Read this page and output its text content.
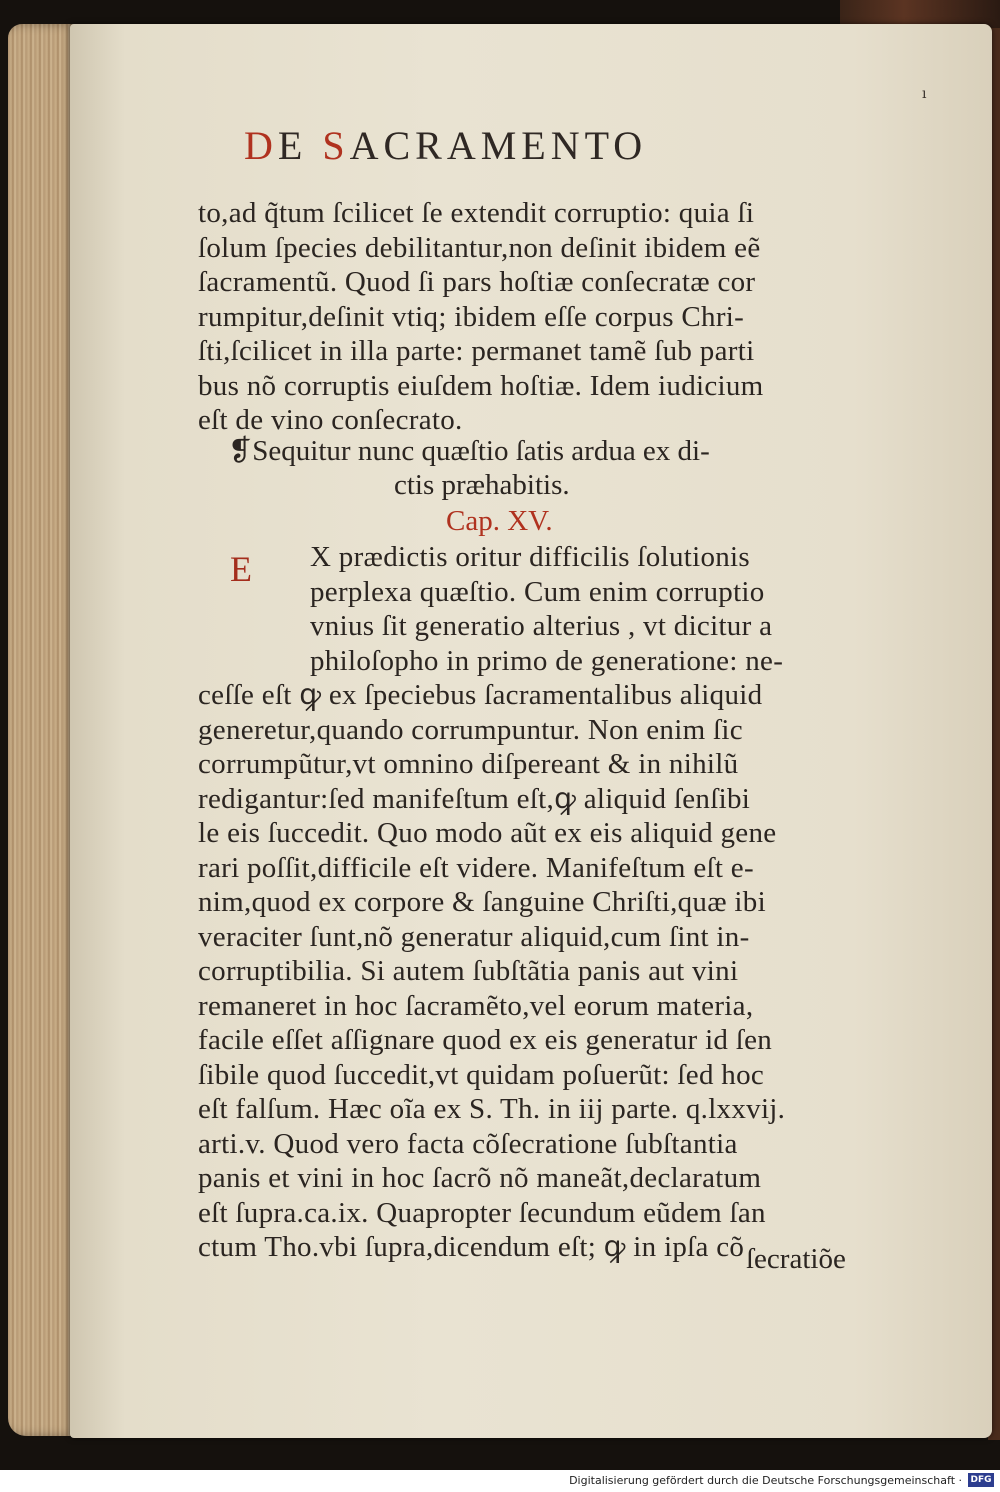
ı
DE SACRAMENTO
to,ad q̃tum ſcilicet ſe extendit corruptio: quia ſi
ſolum ſpecies debilitantur,non deſinit ibidem eẽ
ſacramentũ. Quod ſi pars hoſtiæ conſecratæ cor
rumpitur,deſinit vtiq; ibidem eſſe corpus Chri-
ſti,ſcilicet in illa parte: permanet tamẽ ſub parti
bus nõ corruptis eiuſdem hoſtiæ. Idem iudicium
eſt de vino conſecrato.
❡Sequitur nunc quæſtio ſatis ardua ex di-
ctis præhabitis.
Cap. XV.
E X prædictis oritur difficilis ſolutionis
perplexa quæſtio. Cum enim corruptio
vnius ſit generatio alterius , vt dicitur a
philoſopho in primo de generatione: ne-
ceſſe eſt ꝙ ex ſpeciebus ſacramentalibus aliquid
generetur,quando corrumpuntur. Non enim ſic
corrumpũtur,vt omnino diſpereant & in nihilũ
redigantur:ſed manifeſtum eſt,ꝙ aliquid ſenſibi
le eis ſuccedit. Quo modo aũt ex eis aliquid gene
rari poſſit,difficile eſt videre. Manifeſtum eſt e-
nim,quod ex corpore & ſanguine Chriſti,quæ ibi
veraciter ſunt,nõ generatur aliquid,cum ſint in-
corruptibilia. Si autem ſubſtãtia panis aut vini
remaneret in hoc ſacramẽto,vel eorum materia,
facile eſſet aſſignare quod ex eis generatur id ſen
ſibile quod ſuccedit,vt quidam poſuerũt: ſed hoc
eſt falſum. Hæc oĩa ex S. Th. in iij parte. q.lxxvij.
arti.v. Quod vero facta cõſecratione ſubſtantia
panis et vini in hoc ſacrõ nõ maneãt,declaratum
eſt ſupra.ca.ix. Quapropter ſecundum eũdem ſan
ctum Tho.vbi ſupra,dicendum eſt; ꝙ in ipſa cõ ſecratiõe
Digitalisierung gefördert durch die Deutsche Forschungsgemeinschaft · DFG
